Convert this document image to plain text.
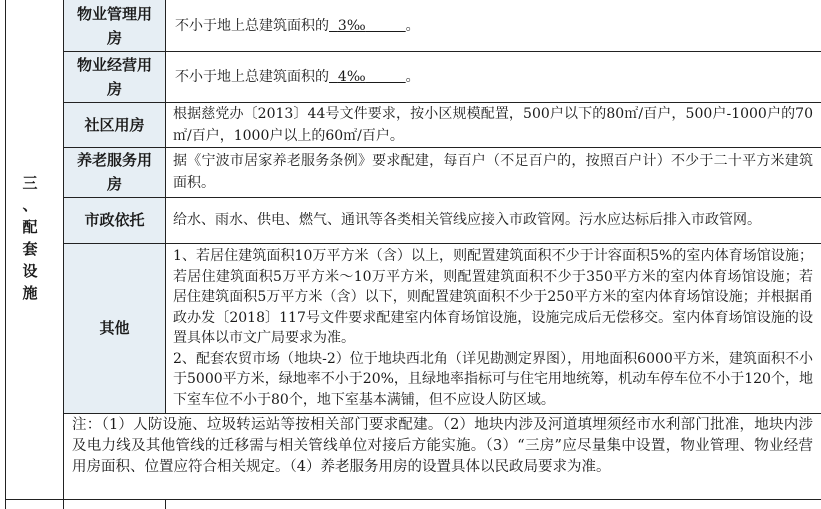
物业管理用房
物业经营用房
社区用房
养老服务用房
市政依托
其他
不小于地上总建筑面积的 3‰	。
不小于地上总建筑面积的 4‰	。
根据慈党办〔2013〕44号文件要求，按小区规模配置，500户以下的80㎡/百户，500户-1000户的70㎡/百户，1000户以上的60㎡/百户。
据《宁波市居家养老服务条例》要求配建，每百户（不足百户的，按照百户计）不少于二十平方米建筑面积。
给水、雨水、供电、燃气、通讯等各类相关管线应接入市政管网。污水应达标后排入市政管网。
1、若居住建筑面积10万平方米（含）以上，则配置建筑面积不少于计容面积5%的室内体育场馆设施；若居住建筑面积5万平方米～10万平方米，则配置建筑面积不少于350平方米的室内体育场馆设施；若居住建筑面积5万平方米（含）以下，则配置建筑面积不少于250平方米的室内体育场馆设施；并根据甬政办发〔2018〕117号文件要求配建室内体育场馆设施，设施完成后无偿移交。室内体育场馆设施的设置具体以市文广局要求为准。
2、配套农贸市场（地块-2）位于地块西北角（详见勘测定界图），用地面积6000平方米，建筑面积不小于5000平方米，绿地率不小于20%，且绿地率指标可与住宅用地统筹，机动车停车位不小于120个，地下室车位不小于80个，地下室基本满铺，但不应设人防区域。
注：（1）人防设施、垃圾转运站等按相关部门要求配建。（2）地块内涉及河道填埋须经市水利部门批准，地块内涉及电力线及其他管线的迁移需与相关管线单位对接后方能实施。（3）“三房”应尽量集中设置，物业管理、物业经营用房面积、位置应符合相关规定。（4）养老服务用房的设置具体以民政局要求为准。
三
、
配
套
设
施
